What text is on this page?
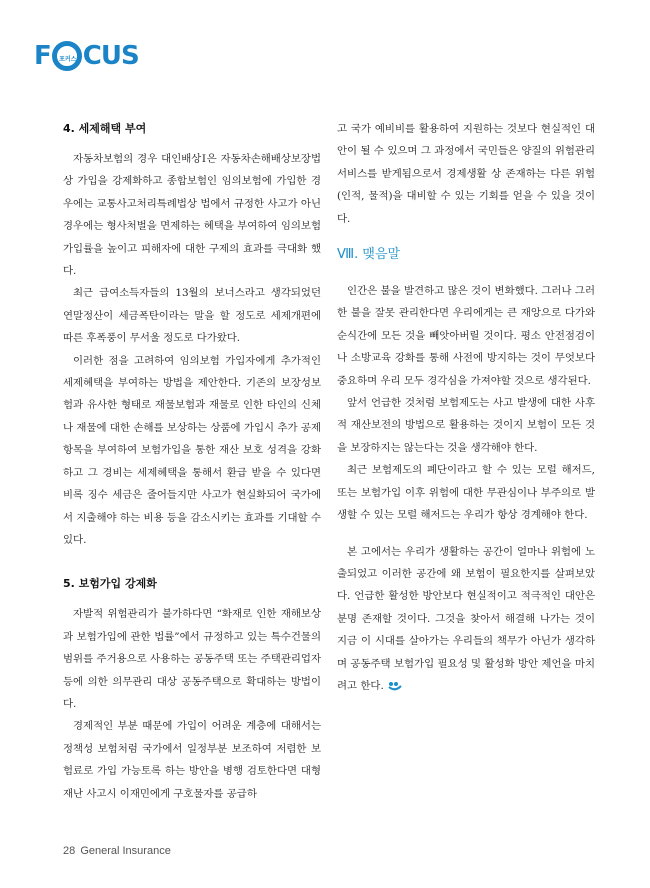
F	포커스 CUS
4. 세제해택 부여

자동차보험의 경우 대인배상Ⅰ은 자동차손해배상보장법상 가입을 강제화하고 종합보험인 임의보험에 가입한 경우에는 교통사고처리특례법상 법에서 규정한 사고가 아닌 경우에는 형사처벌을 면제하는 혜택을 부여하여 임의보험 가입률을 높이고 피해자에 대한 구제의 효과를 극대화 했다.

최근 급여소득자들의 13월의 보너스라고 생각되었던 연말정산이 세금폭탄이라는 말을 할 정도로 세제개편에 따른 후폭풍이 무서울 정도로 다가왔다.

이러한 점을 고려하여 임의보험 가입자에게 추가적인 세제혜택을 부여하는 방법을 제안한다. 기존의 보장성보험과 유사한 형태로 재물보험과 재물로 인한 타인의 신체나 재물에 대한 손해를 보상하는 상품에 가입시 추가 공제항목을 부여하여 보험가입을 통한 재산 보호 성격을 강화하고 그 경비는 세제혜택을 통해서 환급 받을 수 있다면 비록 징수 세금은 줄어들지만 사고가 현실화되어 국가에서 지출해야 하는 비용 등을 감소시키는 효과를 기대할 수 있다.

5. 보험가입 강제화

자발적 위험관리가 불가하다면 “화재로 인한 재해보상과 보험가입에 관한 법률”에서 규정하고 있는 특수건물의 범위를 주거용으로 사용하는 공동주택 또는 주택관리업자 등에 의한 의무관리 대상 공동주택으로 확대하는 방법이다.

경제적인 부분 때문에 가입이 어려운 계층에 대해서는 정책성 보험처럼 국가에서 일정부분 보조하여 저렴한 보험료로 가입 가능토록 하는 방안을 병행 검토한다면 대형재난 사고시 이재민에게 구호물자를 공급하

고 국가 예비비를 활용하여 지원하는 것보다 현실적인 대안이 될 수 있으며 그 과정에서 국민들은 양질의 위험관리 서비스를 받게됨으로서 경제생활 상 존재하는 다른 위험(인적, 물적)을 대비할 수 있는 기회를 얻을 수 있을 것이다.

Ⅷ. 맺음말

인간은 불을 발견하고 많은 것이 변화했다. 그러나 그러한 불을 잘못 관리한다면 우리에게는 큰 재앙으로 다가와 순식간에 모든 것을 빼앗아버릴 것이다. 평소 안전점검이나 소방교육 강화를 통해 사전에 방지하는 것이 무엇보다 중요하며 우리 모두 경각심을 가져야할 것으로 생각된다.

앞서 언급한 것처럼 보험제도는 사고 발생에 대한 사후적 재산보전의 방법으로 활용하는 것이지 보험이 모든 것을 보장하지는 않는다는 것을 생각해야 한다.

최근 보험제도의 폐단이라고 할 수 있는 모럴 해저드, 또는 보험가입 이후 위험에 대한 무관심이나 부주의로 발생할 수 있는 모럴 해저드는 우리가 항상 경계해야 한다.

본 고에서는 우리가 생활하는 공간이 얼마나 위험에 노출되었고 이러한 공간에 왜 보험이 필요한지를 살펴보았다. 언급한 활성한 방안보다 현실적이고 적극적인 대안은 분명 존재할 것이다. 그것을 찾아서 해결해 나가는 것이 지금 이 시대를 살아가는 우리들의 책무가 아닌가 생각하며 공동주택 보험가입 필요성 및 활성화 방안 제언을 마치려고 한다.

28 General Insurance
